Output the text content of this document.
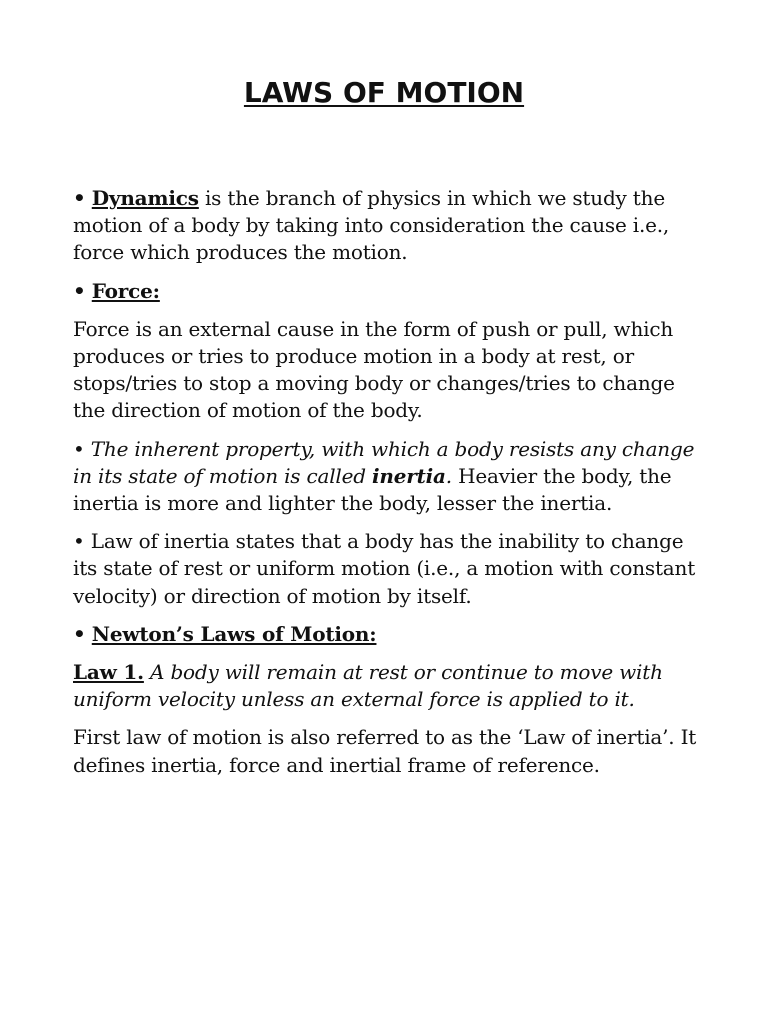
LAWS OF MOTION

• Dynamics is the branch of physics in which we study the motion of a body by taking into consideration the cause i.e., force which produces the motion.

• Force:

Force is an external cause in the form of push or pull, which produces or tries to produce motion in a body at rest, or stops/tries to stop a moving body or changes/tries to change the direction of motion of the body.

• The inherent property, with which a body resists any change in its state of motion is called inertia. Heavier the body, the inertia is more and lighter the body, lesser the inertia.

• Law of inertia states that a body has the inability to change its state of rest or uniform motion (i.e., a motion with constant velocity) or direction of motion by itself.

• Newton’s Laws of Motion:

Law 1. A body will remain at rest or continue to move with uniform velocity unless an external force is applied to it.

First law of motion is also referred to as the ‘Law of inertia’. It defines inertia, force and inertial frame of reference.
